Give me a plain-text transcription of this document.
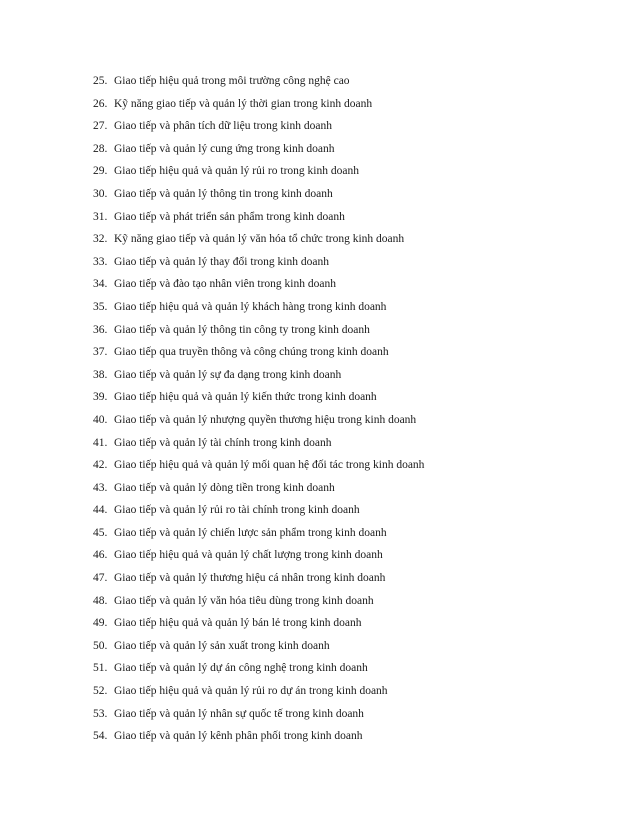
25. Giao tiếp hiệu quả trong môi trường công nghệ cao
26. Kỹ năng giao tiếp và quản lý thời gian trong kinh doanh
27. Giao tiếp và phân tích dữ liệu trong kinh doanh
28. Giao tiếp và quản lý cung ứng trong kinh doanh
29. Giao tiếp hiệu quả và quản lý rủi ro trong kinh doanh
30. Giao tiếp và quản lý thông tin trong kinh doanh
31. Giao tiếp và phát triển sản phẩm trong kinh doanh
32. Kỹ năng giao tiếp và quản lý văn hóa tổ chức trong kinh doanh
33. Giao tiếp và quản lý thay đổi trong kinh doanh
34. Giao tiếp và đào tạo nhân viên trong kinh doanh
35. Giao tiếp hiệu quả và quản lý khách hàng trong kinh doanh
36. Giao tiếp và quản lý thông tin công ty trong kinh doanh
37. Giao tiếp qua truyền thông và công chúng trong kinh doanh
38. Giao tiếp và quản lý sự đa dạng trong kinh doanh
39. Giao tiếp hiệu quả và quản lý kiến thức trong kinh doanh
40. Giao tiếp và quản lý nhượng quyền thương hiệu trong kinh doanh
41. Giao tiếp và quản lý tài chính trong kinh doanh
42. Giao tiếp hiệu quả và quản lý mối quan hệ đối tác trong kinh doanh
43. Giao tiếp và quản lý dòng tiền trong kinh doanh
44. Giao tiếp và quản lý rủi ro tài chính trong kinh doanh
45. Giao tiếp và quản lý chiến lược sản phẩm trong kinh doanh
46. Giao tiếp hiệu quả và quản lý chất lượng trong kinh doanh
47. Giao tiếp và quản lý thương hiệu cá nhân trong kinh doanh
48. Giao tiếp và quản lý văn hóa tiêu dùng trong kinh doanh
49. Giao tiếp hiệu quả và quản lý bán lẻ trong kinh doanh
50. Giao tiếp và quản lý sản xuất trong kinh doanh
51. Giao tiếp và quản lý dự án công nghệ trong kinh doanh
52. Giao tiếp hiệu quả và quản lý rủi ro dự án trong kinh doanh
53. Giao tiếp và quản lý nhân sự quốc tế trong kinh doanh
54. Giao tiếp và quản lý kênh phân phối trong kinh doanh
